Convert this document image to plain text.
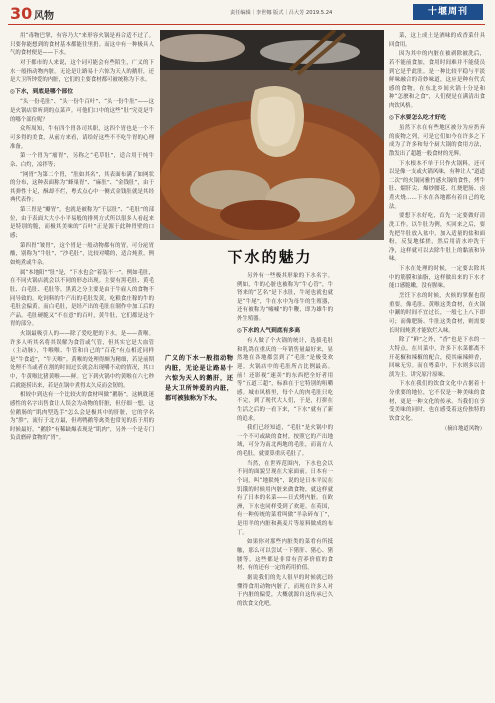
30 风物	责任编辑｜李世娜 版式｜吕大芳 2019.5.24	十堰周刊
下水的魅力
广义的下水一般指动物内脏，无论是让路易十六惊为天人的鹅肝，还是大卫所钟爱的内脏，都可被独称为下水。

用“毒物巴掌，有容乃大”来形容火锅是再合适不过了。只要你能想到的食材基本都能往里扔。而这中有一种极具人气的食材便是——下水。

对于都市的人来说，这个词可能会有些陌生，广义的下水一般指动物内脏。无论是让路易十六惊为天人的鹅肝，还是大卫所钟爱的内脏，它们的主要食材都可被统称为下水。

◎下水，到底是哪个部位

“头一份毛肚”、“头一份牛百叶”、“头一份牛肚”——这是火锅店常听到的点菜声。可他们口中的这些“肚”究竟是牛的哪个部位呢？

众所周知，牛有四个胃各司其职，这四个胃也是一个不可多得的美食，从前方来看，请给好这些不不吃牛胃的心理准备。

第一个胃为“瘤胃”，另称之“毛草肚”，适合用于炖牛杂、白灼，凉拌等；

“网胃”为第二个胃，“肚如其名”，其表面布满了如网状的分布，这种表面称为“蜂巢胃”、“麻肚”、“金钱肚”，由于其弹性十足，酥却不烂，粤式点心中一侧式金钱肚就是其经典代表作；

第三胃是“瓣胃”，也就是被称为“千层肚”、“毛肚”的部位，由于表面大大小小平易般的排列方式所以很多人看起来是特别的脆，而极其美味的“百叶”正是源于此种胃壁的口感；

第四胃“皱胃”，这个胃是一般动物都有的胃，可分泌胃酸，别称为“牛肚”、“沙毛肚”，比较对嘴的，适合炖煮，例如炖煮或牛杂。

属“本地阳”“肚”是，“下水也会”着装不一”。例如毛肚，在不同火锅店就会以不同的形态出现。主要有黑毛肚、黄毛肚、白毛肚、毛肚等。黑黄之分主要是由于牛雇人的食物不同导致的。吃饲料的牛产出的毛肚发黄，吃粮食庄稼的牛的毛肚会偏黄。而白毛肚，是经产出的毛肚在制作中加工后的产品。毛肚硬脆又“不在意”的百叶，黄牛肚，它们都是这个胃的部分。

火锅最吸引人的——除了爱吃肥的下水，是——黄喉。许多人听其名将其误解为食管或气管，但其实它是大血管（主动脉），牛喉喉、牛管和自己的“百花”有点相近同样是“牛食道”，“牛天喉”。黄喉的处理得颇为精细，若是前期处理不当或者在割的时间过长就会出现嚼不动的情况，其口中，牛黄喉比猪黄喉——鲜。它下到火锅中约黄喉在六七秒后就能捞出来，若是在锅中煮得太久反而会韧的。

相较中到达有一个比较火的食材叫做“鹅肠”。这帆耽迷感性的名字出售食让人误会为动物的肝脏，但仔细一想，这位鹅肠的“肌肉型选手”怎么会是极其中的肝脏，它的学名为“胗”，流行于北方最，但鸡鸭鹅等禽类也常见的乐于用的时候最好。“鹅胗”有稀缺爆表现是“肌肉”，另外一个是专门负责磨碎食物的“胃”。

另外有一些极其形象的下水名字。例如，牛的心脏也被称为“牛心管”，牛肾来的“艺名”是下水肚，牛尾也就也就是“牛尾”，牛在水中为母牛的生殖器，还有被称为“嘘嘘”的牛鞭，即为雄牛的外生殖器。

◎下水的人气到底有多高

有人做了个火锅的统计，选拔毛肚和乳鸽在重庆的一年销售量最好来，显然地在各地都尝到了“毛肚”是极受欢迎。火锅店中的毛肚所占比例最高。前！还影视“速卖”的东西把全好者用等“五道三超”，标准在于它特别的咀嚼感。城市风格里，每个人的肉毛肚只吃不完，到了现代大人们，于是，打拼在生活之后的一看下来，“下水”就有了新的追求。

我们已经知道，“毛肚”是火锅中的一个不可或缺的食材，按照它的产出地域，可分为南北两地的毛肚，而南方人的毛肚，就要算重庆毛肚了。

当然，在世界范围内，下水也会以不同的面貌呈现在大家面前。日本有一个词，叫“地狱炖”，说的是日本平民在饥饿的时候用内脏来做食物，就这样就有了日本的名菜——日式烤内脏。在欧洲，下水也同样受到了欢迎。在英国，有一种传统的菜肴叫做“羊杂碎布丁”，是用羊的内脏和燕麦片等原料做成的布丁。

如果你对那些内脏类的菜肴有所抵触，那么可以尝试一下猪肝、猪心、猪腰等，这些都是非常有营养价值的食材，有的还有一定的药用价值。

据说我们的先人很早的时候就已经懂得食用动物内脏了，而现在许多人对于内脏的偏爱，大概就源自这传承已久的饮食文化吧。

菜，这上成土是酒味的成香菜什具回食用。

因为其中的内脏在被剥除被洗后，若不能前食加，食用时间难并不能使员到它是乎此肚。是一种比较平稳与平淡鲜味融合的奇妙味道，这应是种有代式感的食物。在东北乡间火锅十分是和种“怎麽和之食”，人们便是在满清出食肉饮风格。

◎下水要怎么吃才好吃

虽然下水在有些地区被分为应扔弃的废物之列，可是它们如今在许多之下成为了许多和每个厨大锅的食用方法，散发出了超越一般食材的光辉。

下水根本不单于只作火锅料，还可以是像一支或火锅风味，有种让人“道道二次”的火锅同雅竹感火锅的食性，烤牛肚、熘肝尖、爆炒腰花、红烧肥肠、卤煮火烧……下水在各地都有着自己的吃法。

要想下水好吃，首先一定要做好清洗工作。以牛肚为例，买回来之后，要先把牛肚放入盆中，加入适量的盐和面粉，反复地揉搓，然后用清水冲洗干净，这样就可以去除牛肚上的黏液和异味。

下水在处理的时候，一定要去除其中的筋膜和油脂，这样做出来的下水才能口感脆嫩，没有腥味。

烹饪下水的时候，火候的掌握也很重要。像毛肚、黄喉这类食材，在火锅中涮的时间不宜过长，一般七上八下即可；而像肥肠、牛肚这类食材，则需要长时间炖煮才能软烂入味。

除了“鲜”之外，“香”也是下水的一大特点。在川菜中，许多下水菜都离不开花椒和辣椒的配合，使其麻辣鲜香，回味无穷。而在粤菜中，下水则多以清淡为主，讲究原汁原味。

下水在我们的饮食文化中占据着十分重要的地位，它不仅是一种美味的食材，更是一种文化的传承。当我们在享受美味的同时，也在感受着这份独特的饮食文化。

（摘自地道风物）
